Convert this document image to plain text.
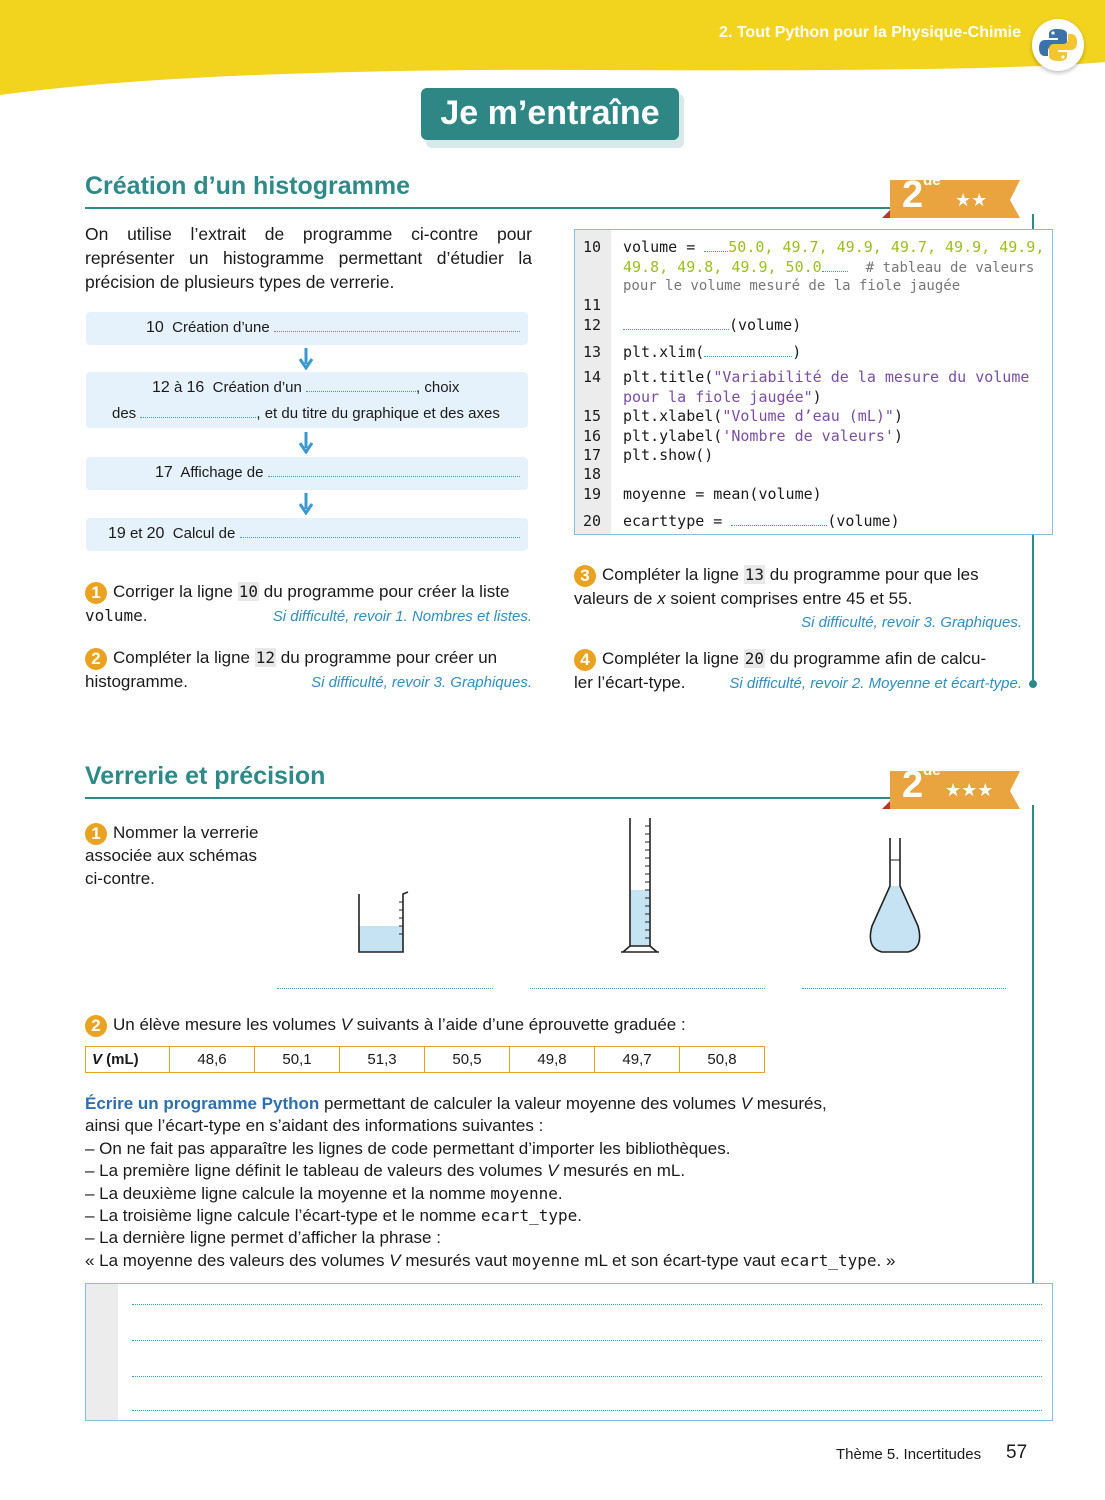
2. Tout Python pour la Physique-Chimie
Je m’entraîne
Création d’un histogramme	2de
★★
On utilise l’extrait de programme ci-contre pour représenter un histogramme permettant d’étudier la précision de plusieurs types de verrerie.
10 Création d’une
12 à 16 Création d’un	, choix
des	, et du titre du graphique et des axes
17 Affichage de
19 et 20 Calcul de
10 volume = 50.0, 49.7, 49.9, 49.7, 49.9, 49.9,
49.8, 49.8, 49.9, 50.0	# tableau de valeurs
pour le volume mesuré de la fiole jaugée
11
12	(volume)
13 plt.xlim(	)
14 plt.title("Variabilité de la mesure du volume
pour la fiole jaugée")
15 plt.xlabel("Volume d’eau (mL)")
16 plt.ylabel('Nombre de valeurs')
17 plt.show()
18
19 moyenne = mean(volume)
20 ecarttype =	(volume)
1 Corriger la ligne 10 du programme pour créer la liste
volume.	Si difficulté, revoir 1. Nombres et listes.
2 Compléter la ligne 12 du programme pour créer un
histogramme.	Si difficulté, revoir 3. Graphiques.
3 Compléter la ligne 13 du programme pour que les
valeurs de x soient comprises entre 45 et 55.
Si difficulté, revoir 3. Graphiques.
4 Compléter la ligne 20 du programme afin de calcu-
ler l’écart-type.	Si difficulté, revoir 2. Moyenne et écart-type.
Verrerie et précision	2de
★★★
1 Nommer la verrerie
associée aux schémas
ci-contre.
2 Un élève mesure les volumes V suivants à l’aide d’une éprouvette graduée :
V (mL)	48,6	50,1	51,3	50,5	49,8	49,7	50,8
Écrire un programme Python permettant de calculer la valeur moyenne des volumes V mesurés,
ainsi que l’écart-type en s’aidant des informations suivantes :
– On ne fait pas apparaître les lignes de code permettant d’importer les bibliothèques.
– La première ligne définit le tableau de valeurs des volumes V mesurés en mL.
– La deuxième ligne calcule la moyenne et la nomme moyenne.
– La troisième ligne calcule l’écart-type et le nomme ecart_type.
– La dernière ligne permet d’afficher la phrase :
« La moyenne des valeurs des volumes V mesurés vaut moyenne mL et son écart-type vaut ecart_type. »
Thème 5. Incertitudes 57
